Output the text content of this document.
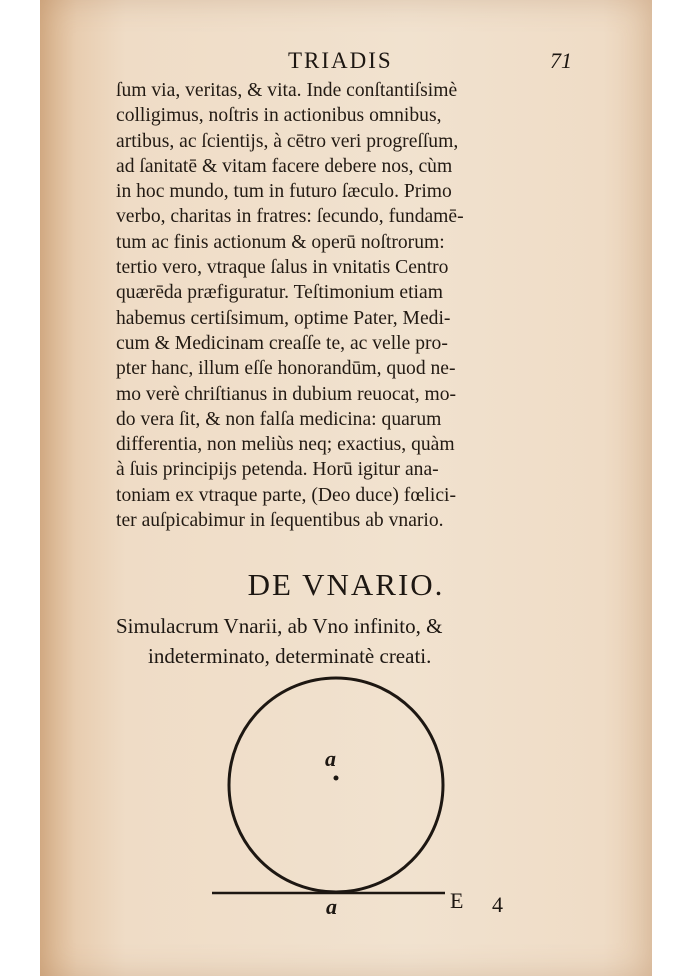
TRIADIS	71
ſum via, veritas, & vita. Inde conſtantiſsimè
colligimus, noſtris in actionibus omnibus,
artibus, ac ſcientijs, à cētro veri progreſſum,
ad ſanitatē & vitam facere debere nos, cùm
in hoc mundo, tum in futuro ſæculo. Primo
verbo, charitas in fratres: ſecundo, fundamē-
tum ac finis actionum & operū noſtrorum:
tertio vero, vtraque ſalus in vnitatis Centro
quærēda præfiguratur. Teſtimonium etiam
habemus certiſsimum, optime Pater, Medi-
cum & Medicinam creaſſe te, ac velle pro-
pter hanc, illum eſſe honorandūm, quod ne-
mo verè chriſtianus in dubium reuocat, mo-
do vera ſit, & non falſa medicina: quarum
differentia, non meliùs neq; exactius, quàm
à ſuis principijs petenda. Horū igitur ana-
toniam ex vtraque parte, (Deo duce) fœlici-
ter auſpicabimur in ſequentibus ab vnario.
DE VNARIO.
Simulacrum Vnarii, ab Vno infinito, &
indeterminato, determinatè creati.
a
a	E 4
